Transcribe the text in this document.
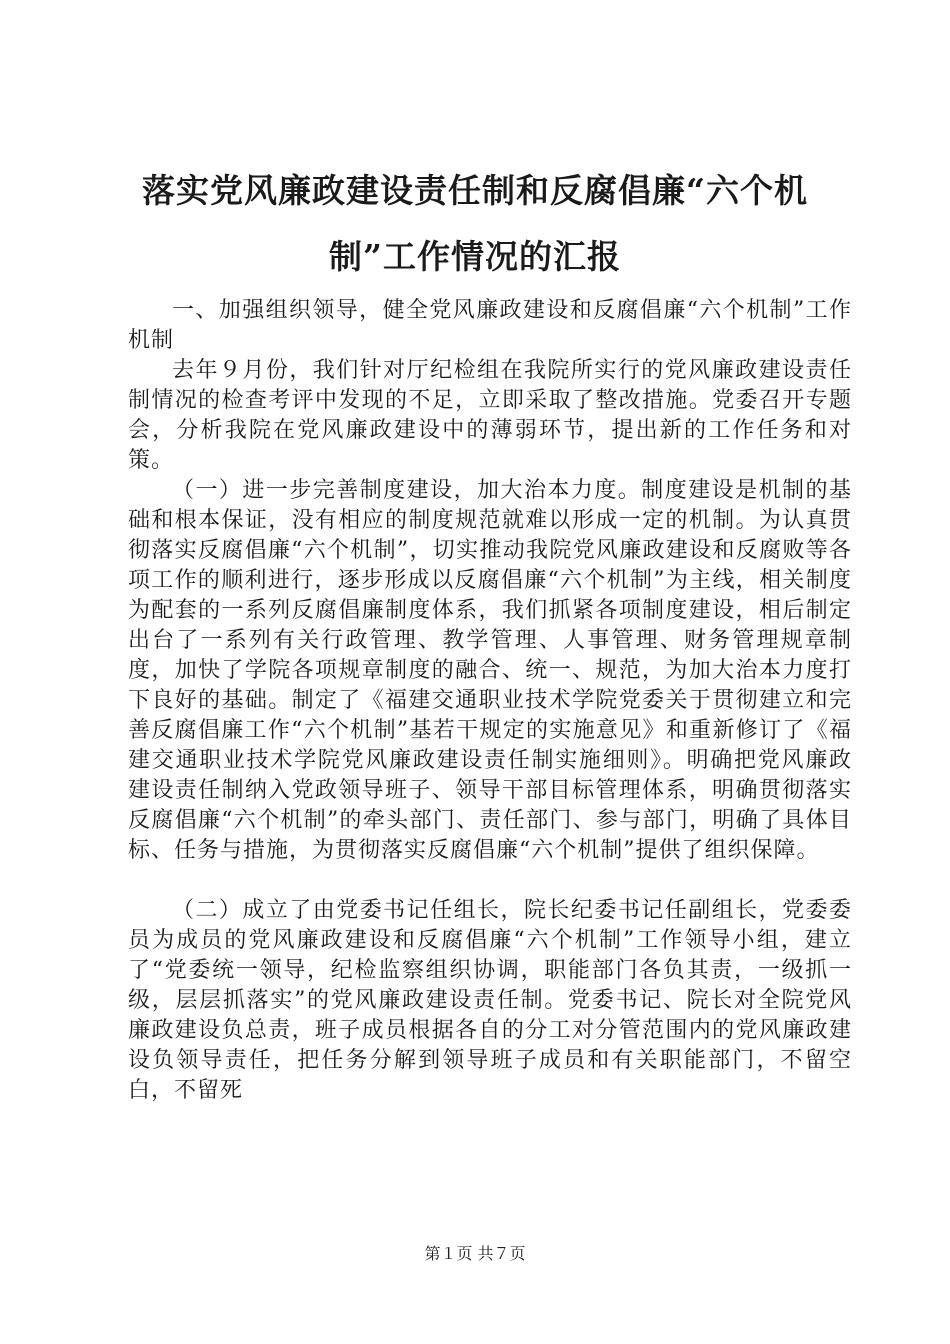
落实党风廉政建设责任制和反腐倡廉“六个机制”工作情况的汇报

一、加强组织领导，健全党风廉政建设和反腐倡廉“六个机制”工作机制

去年９月份，我们针对厅纪检组在我院所实行的党风廉政建设责任制情况的检查考评中发现的不足，立即采取了整改措施。党委召开专题会，分析我院在党风廉政建设中的薄弱环节，提出新的工作任务和对策。

（一）进一步完善制度建设，加大治本力度。制度建设是机制的基础和根本保证，没有相应的制度规范就难以形成一定的机制。为认真贯彻落实反腐倡廉“六个机制”，切实推动我院党风廉政建设和反腐败等各项工作的顺利进行，逐步形成以反腐倡廉“六个机制”为主线，相关制度为配套的一系列反腐倡廉制度体系，我们抓紧各项制度建设，相后制定出台了一系列有关行政管理、教学管理、人事管理、财务管理规章制度，加快了学院各项规章制度的融合、统一、规范，为加大治本力度打下良好的基础。制定了《福建交通职业技术学院党委关于贯彻建立和完善反腐倡廉工作“六个机制”基若干规定的实施意见》和重新修订了《福建交通职业技术学院党风廉政建设责任制实施细则》。明确把党风廉政建设责任制纳入党政领导班子、领导干部目标管理体系，明确贯彻落实反腐倡廉“六个机制”的牵头部门、责任部门、参与部门，明确了具体目标、任务与措施，为贯彻落实反腐倡廉“六个机制”提供了组织保障。

（二）成立了由党委书记任组长，院长纪委书记任副组长，党委委员为成员的党风廉政建设和反腐倡廉“六个机制”工作领导小组，建立了“党委统一领导，纪检监察组织协调，职能部门各负其责，一级抓一级，层层抓落实”的党风廉政建设责任制。党委书记、院长对全院党风廉政建设负总责，班子成员根据各自的分工对分管范围内的党风廉政建设负领导责任，把任务分解到领导班子成员和有关职能部门，不留空白，不留死

第１页 共７页
